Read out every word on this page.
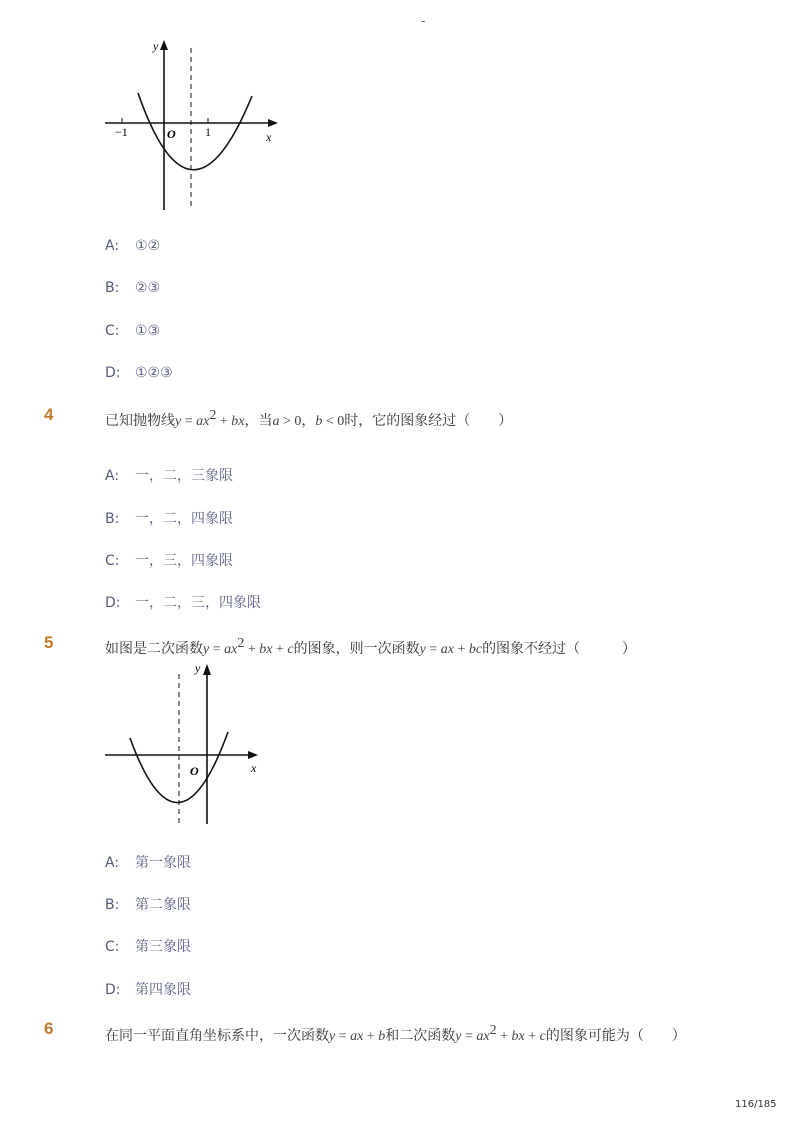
-
y
x
O
−1	1
A: ①②
B: ②③
C: ①③
D: ①②③
4	已知抛物线$y = ax^2$ + bx，当a > 0，b < 0时，它的图象经过（　　）
A: 一，二，三象限
B: 一，二，四象限
C: 一，三，四象限
D: 一，二，三，四象限
5	如图是二次函数$y = ax^2$ + bx + c的图象，则一次函数y = ax + bc的图象不经过（　　　）
y
x
O
A: 第一象限
B: 第二象限
C: 第三象限
D: 第四象限
6	在同一平面直角坐标系中，一次函数y = ax + b和二次函数$y = ax^2$ + bx + c的图象可能为（　　）
116/185
